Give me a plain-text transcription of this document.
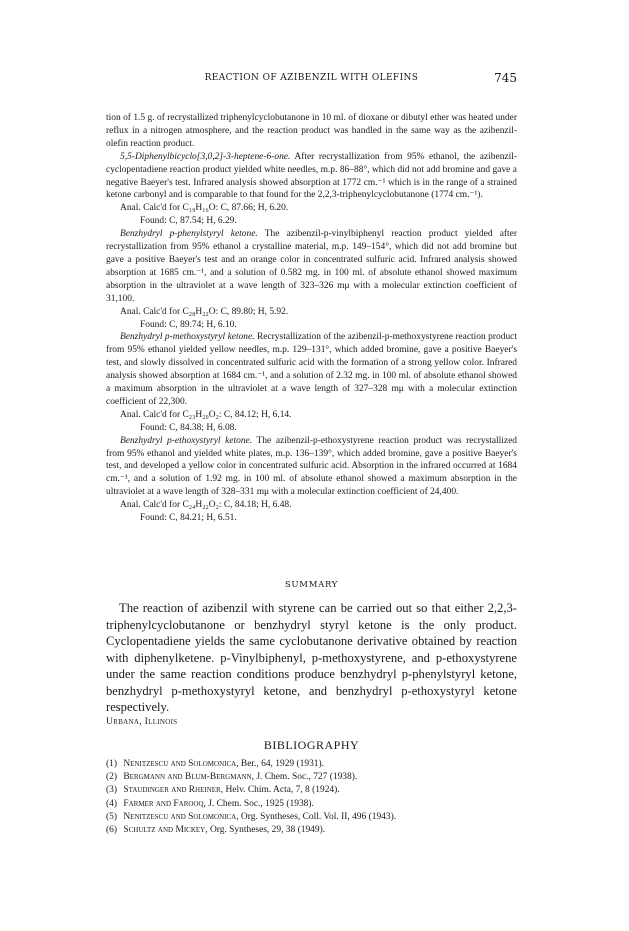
REACTION OF AZIBENZIL WITH OLEFINS	745

tion of 1.5 g. of recrystallized triphenylcyclobutanone in 10 ml. of dioxane or dibutyl ether was heated under reflux in a nitrogen atmosphere, and the reaction product was handled in the same way as the azibenzil-olefin reaction product.

5,5-Diphenylbicyclo[3,0,2]-3-heptene-6-one. After recrystallization from 95% ethanol, the azibenzil-cyclopentadiene reaction product yielded white needles, m.p. 86–88°, which did not add bromine and gave a negative Baeyer's test. Infrared analysis showed absorption at 1772 cm.⁻¹ which is in the range of a strained ketone carbonyl and is comparable to that found for the 2,2,3-triphenylcyclobutanone (1774 cm.⁻¹).

Anal. Calc'd for C₁₉H₁₆O: C, 87.66; H, 6.20.

Found: C, 87.54; H, 6.29.

Benzhydryl p-phenylstyryl ketone. The azibenzil-p-vinylbiphenyl reaction product yielded after recrystallization from 95% ethanol a crystalline material, m.p. 149–154°, which did not add bromine but gave a positive Baeyer's test and an orange color in concentrated sulfuric acid. Infrared analysis showed absorption at 1685 cm.⁻¹, and a solution of 0.582 mg. in 100 ml. of absolute ethanol showed maximum absorption in the ultraviolet at a wave length of 323–326 mμ with a molecular extinction coefficient of 31,100.

Anal. Calc'd for C₂₈H₂₂O: C, 89.80; H, 5.92.

Found: C, 89.74; H, 6.10.

Benzhydryl p-methoxystyryl ketone. Recrystallization of the azibenzil-p-methoxystyrene reaction product from 95% ethanol yielded yellow needles, m.p. 129–131°, which added bromine, gave a positive Baeyer's test, and slowly dissolved in concentrated sulfuric acid with the formation of a strong yellow color. Infrared analysis showed absorption at 1684 cm.⁻¹, and a solution of 2.32 mg. in 100 ml. of absolute ethanol showed a maximum absorption in the ultraviolet at a wave length of 327–328 mμ with a molecular extinction coefficient of 22,300.

Anal. Calc'd for C₂₃H₂₀O₂: C, 84.12; H, 6.14.

Found: C, 84.38; H, 6.08.

Benzhydryl p-ethoxystyryl ketone. The azibenzil-p-ethoxystyrene reaction product was recrystallized from 95% ethanol and yielded white plates, m.p. 136–139°, which added bromine, gave a positive Baeyer's test, and developed a yellow color in concentrated sulfuric acid. Absorption in the infrared occurred at 1684 cm.⁻¹, and a solution of 1.92 mg. in 100 ml. of absolute ethanol showed a maximum absorption in the ultraviolet at a wave length of 328–331 mμ with a molecular extinction coefficient of 24,400.

Anal. Calc'd for C₂₄H₂₂O₂: C, 84.18; H, 6.48.

Found: C, 84.21; H, 6.51.

SUMMARY

The reaction of azibenzil with styrene can be carried out so that either 2,2,3-triphenylcyclobutanone or benzhydryl styryl ketone is the only product. Cyclopentadiene yields the same cyclobutanone derivative obtained by reaction with diphenylketene. p-Vinylbiphenyl, p-methoxystyrene, and p-ethoxystyrene under the same reaction conditions produce benzhydryl p-phenylstyryl ketone, benzhydryl p-methoxystyryl ketone, and benzhydryl p-ethoxystyryl ketone respectively.

Urbana, Illinois
BIBLIOGRAPHY
(1) Nenitzescu and Solomonica, Ber., 64, 1929 (1931).
(2) Bergmann and Blum-Bergmann, J. Chem. Soc., 727 (1938).
(3) Staudinger and Rheiner, Helv. Chim. Acta, 7, 8 (1924).
(4) Farmer and Farooq, J. Chem. Soc., 1925 (1938).
(5) Nenitzescu and Solomonica, Org. Syntheses, Coll. Vol. II, 496 (1943).
(6) Schultz and Mickey, Org. Syntheses, 29, 38 (1949).
